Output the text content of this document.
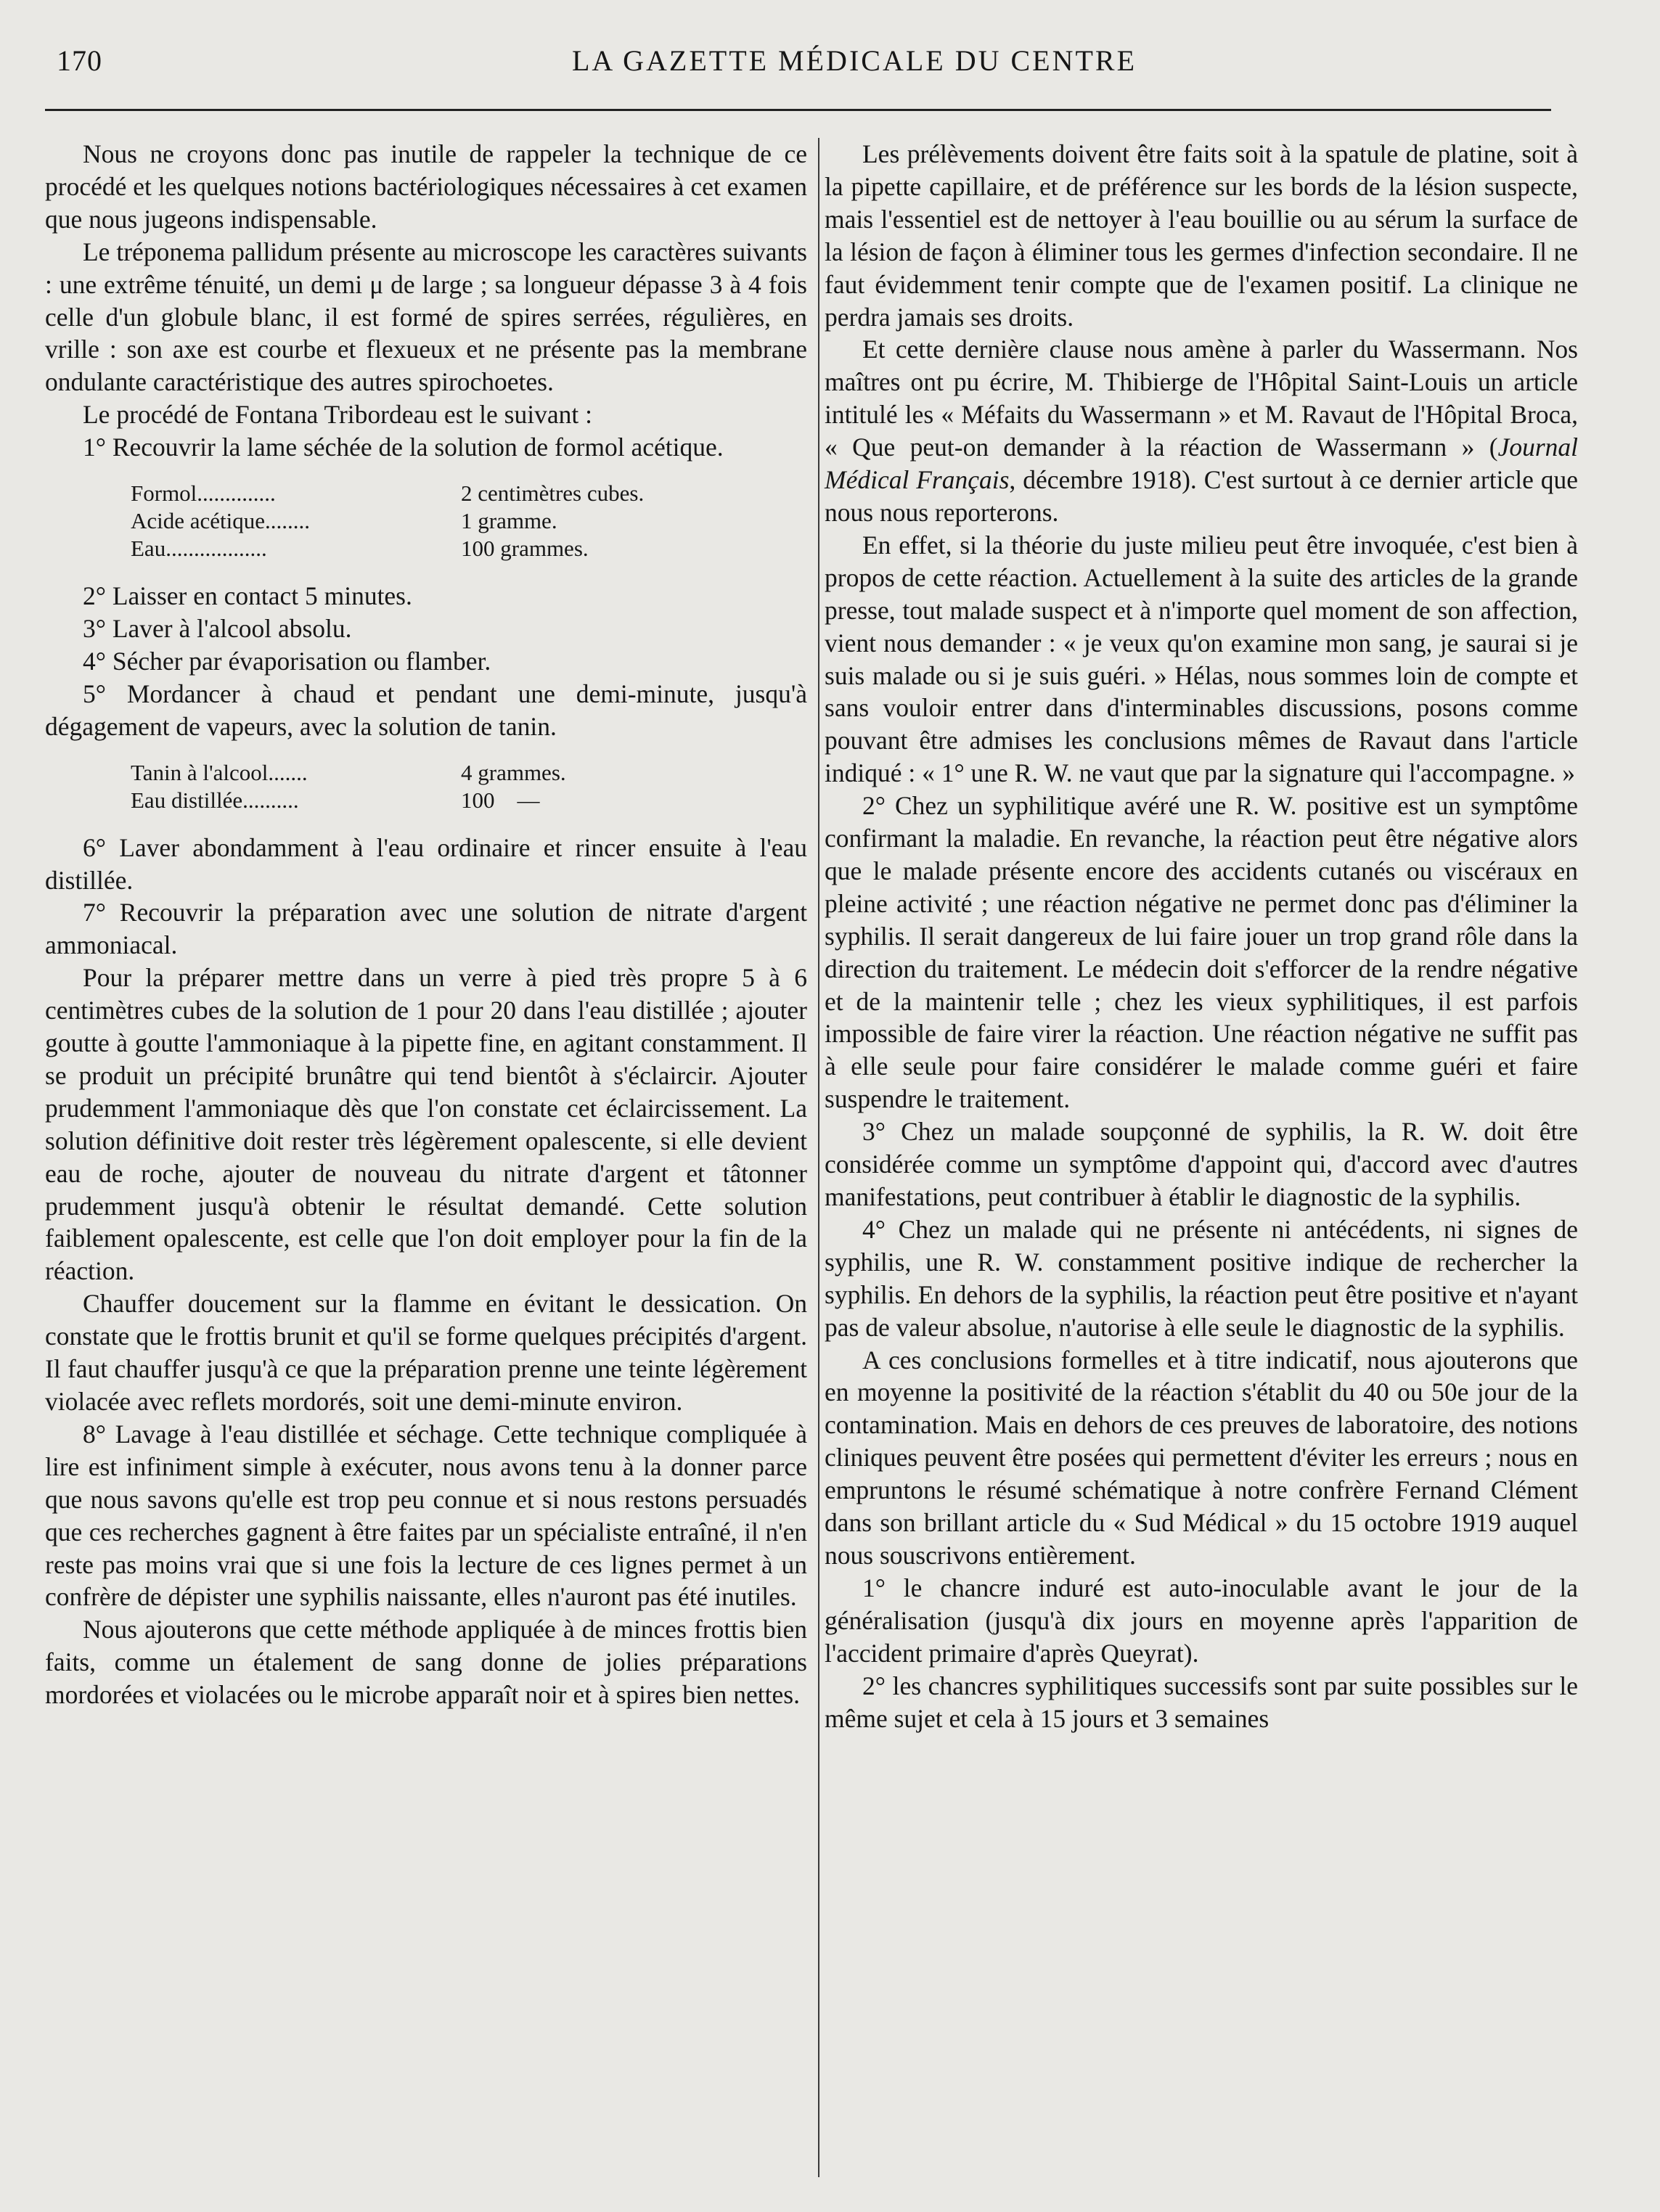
170	LA GAZETTE MÉDICALE DU CENTRE

Nous ne croyons donc pas inutile de rappeler la technique de ce procédé et les quelques notions bactériologiques nécessaires à cet examen que nous jugeons indispensable.

Le tréponema pallidum présente au microscope les caractères suivants : une extrême ténuité, un demi μ de large ; sa longueur dépasse 3 à 4 fois celle d'un globule blanc, il est formé de spires serrées, régulières, en vrille : son axe est courbe et flexueux et ne présente pas la membrane ondulante caractéristique des autres spirochoetes.

Le procédé de Fontana Tribordeau est le suivant :

1° Recouvrir la lame séchée de la solution de formol acétique.

Formol..............	2 centimètres cubes.
Acide acétique........	1 gramme.
Eau..................	100 grammes.

2° Laisser en contact 5 minutes.

3° Laver à l'alcool absolu.

4° Sécher par évaporisation ou flamber.

5° Mordancer à chaud et pendant une demi-minute, jusqu'à dégagement de vapeurs, avec la solution de tanin.

Tanin à l'alcool.......	4 grammes.
Eau distillée..........	100    —

6° Laver abondamment à l'eau ordinaire et rincer ensuite à l'eau distillée.

7° Recouvrir la préparation avec une solution de nitrate d'argent ammoniacal.

Pour la préparer mettre dans un verre à pied très propre 5 à 6 centimètres cubes de la solution de 1 pour 20 dans l'eau distillée ; ajouter goutte à goutte l'ammoniaque à la pipette fine, en agitant constamment. Il se produit un précipité brunâtre qui tend bientôt à s'éclaircir. Ajouter prudemment l'ammoniaque dès que l'on constate cet éclaircissement. La solution définitive doit rester très légèrement opalescente, si elle devient eau de roche, ajouter de nouveau du nitrate d'argent et tâtonner prudemment jusqu'à obtenir le résultat demandé. Cette solution faiblement opalescente, est celle que l'on doit employer pour la fin de la réaction.

Chauffer doucement sur la flamme en évitant le dessication. On constate que le frottis brunit et qu'il se forme quelques précipités d'argent. Il faut chauffer jusqu'à ce que la préparation prenne une teinte légèrement violacée avec reflets mordorés, soit une demi-minute environ.

8° Lavage à l'eau distillée et séchage. Cette technique compliquée à lire est infiniment simple à exécuter, nous avons tenu à la donner parce que nous savons qu'elle est trop peu connue et si nous restons persuadés que ces recherches gagnent à être faites par un spécialiste entraîné, il n'en reste pas moins vrai que si une fois la lecture de ces lignes permet à un confrère de dépister une syphilis naissante, elles n'auront pas été inutiles.

Nous ajouterons que cette méthode appliquée à de minces frottis bien faits, comme un étalement de sang donne de jolies préparations mordorées et violacées ou le microbe apparaît noir et à spires bien nettes.

Les prélèvements doivent être faits soit à la spatule de platine, soit à la pipette capillaire, et de préférence sur les bords de la lésion suspecte, mais l'essentiel est de nettoyer à l'eau bouillie ou au sérum la surface de la lésion de façon à éliminer tous les germes d'infection secondaire. Il ne faut évidemment tenir compte que de l'examen positif. La clinique ne perdra jamais ses droits.

Et cette dernière clause nous amène à parler du Wassermann. Nos maîtres ont pu écrire, M. Thibierge de l'Hôpital Saint-Louis un article intitulé les « Méfaits du Wassermann » et M. Ravaut de l'Hôpital Broca, « Que peut-on demander à la réaction de Wassermann » (Journal Médical Français, décembre 1918). C'est surtout à ce dernier article que nous nous reporterons.

En effet, si la théorie du juste milieu peut être invoquée, c'est bien à propos de cette réaction. Actuellement à la suite des articles de la grande presse, tout malade suspect et à n'importe quel moment de son affection, vient nous demander : « je veux qu'on examine mon sang, je saurai si je suis malade ou si je suis guéri. » Hélas, nous sommes loin de compte et sans vouloir entrer dans d'interminables discussions, posons comme pouvant être admises les conclusions mêmes de Ravaut dans l'article indiqué : « 1° une R. W. ne vaut que par la signature qui l'accompagne. »

2° Chez un syphilitique avéré une R. W. positive est un symptôme confirmant la maladie. En revanche, la réaction peut être négative alors que le malade présente encore des accidents cutanés ou viscéraux en pleine activité ; une réaction négative ne permet donc pas d'éliminer la syphilis. Il serait dangereux de lui faire jouer un trop grand rôle dans la direction du traitement. Le médecin doit s'efforcer de la rendre négative et de la maintenir telle ; chez les vieux syphilitiques, il est parfois impossible de faire virer la réaction. Une réaction négative ne suffit pas à elle seule pour faire considérer le malade comme guéri et faire suspendre le traitement.

3° Chez un malade soupçonné de syphilis, la R. W. doit être considérée comme un symptôme d'appoint qui, d'accord avec d'autres manifestations, peut contribuer à établir le diagnostic de la syphilis.

4° Chez un malade qui ne présente ni antécédents, ni signes de syphilis, une R. W. constamment positive indique de rechercher la syphilis. En dehors de la syphilis, la réaction peut être positive et n'ayant pas de valeur absolue, n'autorise à elle seule le diagnostic de la syphilis.

A ces conclusions formelles et à titre indicatif, nous ajouterons que en moyenne la positivité de la réaction s'établit du 40 ou 50e jour de la contamination. Mais en dehors de ces preuves de laboratoire, des notions cliniques peuvent être posées qui permettent d'éviter les erreurs ; nous en empruntons le résumé schématique à notre confrère Fernand Clément dans son brillant article du « Sud Médical » du 15 octobre 1919 auquel nous souscrivons entièrement.

1° le chancre induré est auto-inoculable avant le jour de la généralisation (jusqu'à dix jours en moyenne après l'apparition de l'accident primaire d'après Queyrat).

2° les chancres syphilitiques successifs sont par suite possibles sur le même sujet et cela à 15 jours et 3 semaines
